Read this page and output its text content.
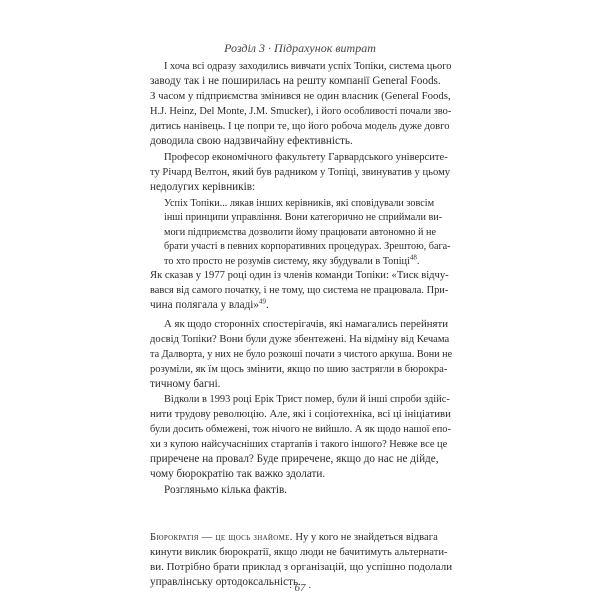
Розділ 3 · Підрахунок витрат
І хоча всі одразу заходились вивчати успіх Топіки, система цього
заводу так і не поширилась на решту компанії General Foods.
З часом у підприємства змінився не один власник (General Foods,
H.J. Heinz, Del Monte, J.M. Smucker), і його особливості почали зво-
дитись нанівець. І це попри те, що його робоча модель дуже довго
доводила свою надзвичайну ефективність.
Професор економічного факультету Гарвардського університе-
ту Річард Велтон, який був радником у Топіці, звинуватив у цьому
недолугих керівників:
Успіх Топіки... лякав інших керівників, які сповідували зовсім
інші принципи управління. Вони категорично не сприймали ви-
моги підприємства дозволити йому працювати автономно й не
брати участі в певних корпоративних процедурах. Зрештою, бага-
то хто просто не розумів систему, яку збудували в Топіці$^{48}$.
Як сказав у 1977 році один із членів команди Топіки: «Тиск відчу-
вався від самого початку, і не тому, що система не працювала. При-
чина полягала у владі»$^{49}$.
А як щодо сторонніх спостерігачів, які намагались перейняти
досвід Топіки? Вони були дуже збентежені. На відміну від Кечама
та Далворта, у них не було розкоші почати з чистого аркуша. Вони не
розуміли, як їм щось змінити, якщо по шию застрягли в бюрокра-
тичному багні.
Відколи в 1993 році Ерік Трист помер, були й інші спроби здійс-
нити трудову революцію. Але, які і соціотехніка, всі ці ініціативи
були досить обмежені, тож нічого не вийшло. А як щодо нашої епо-
хи з купою найсучасніших стартапів і такого іншого? Невже все це
приречене на провал? Буде приречене, якщо до нас не дійде,
чому бюрократію так важко здолати.
Розгляньмо кілька фактів.
Бюрократія — це щось знайоме. Ну у кого не знайдеться відвага
кинути виклик бюрократії, якщо люди не бачитимуть альтернати-
ви. Потрібно брати приклад з організацій, що успішно подолали
управлінську ортодоксальність.
· 67 ·
